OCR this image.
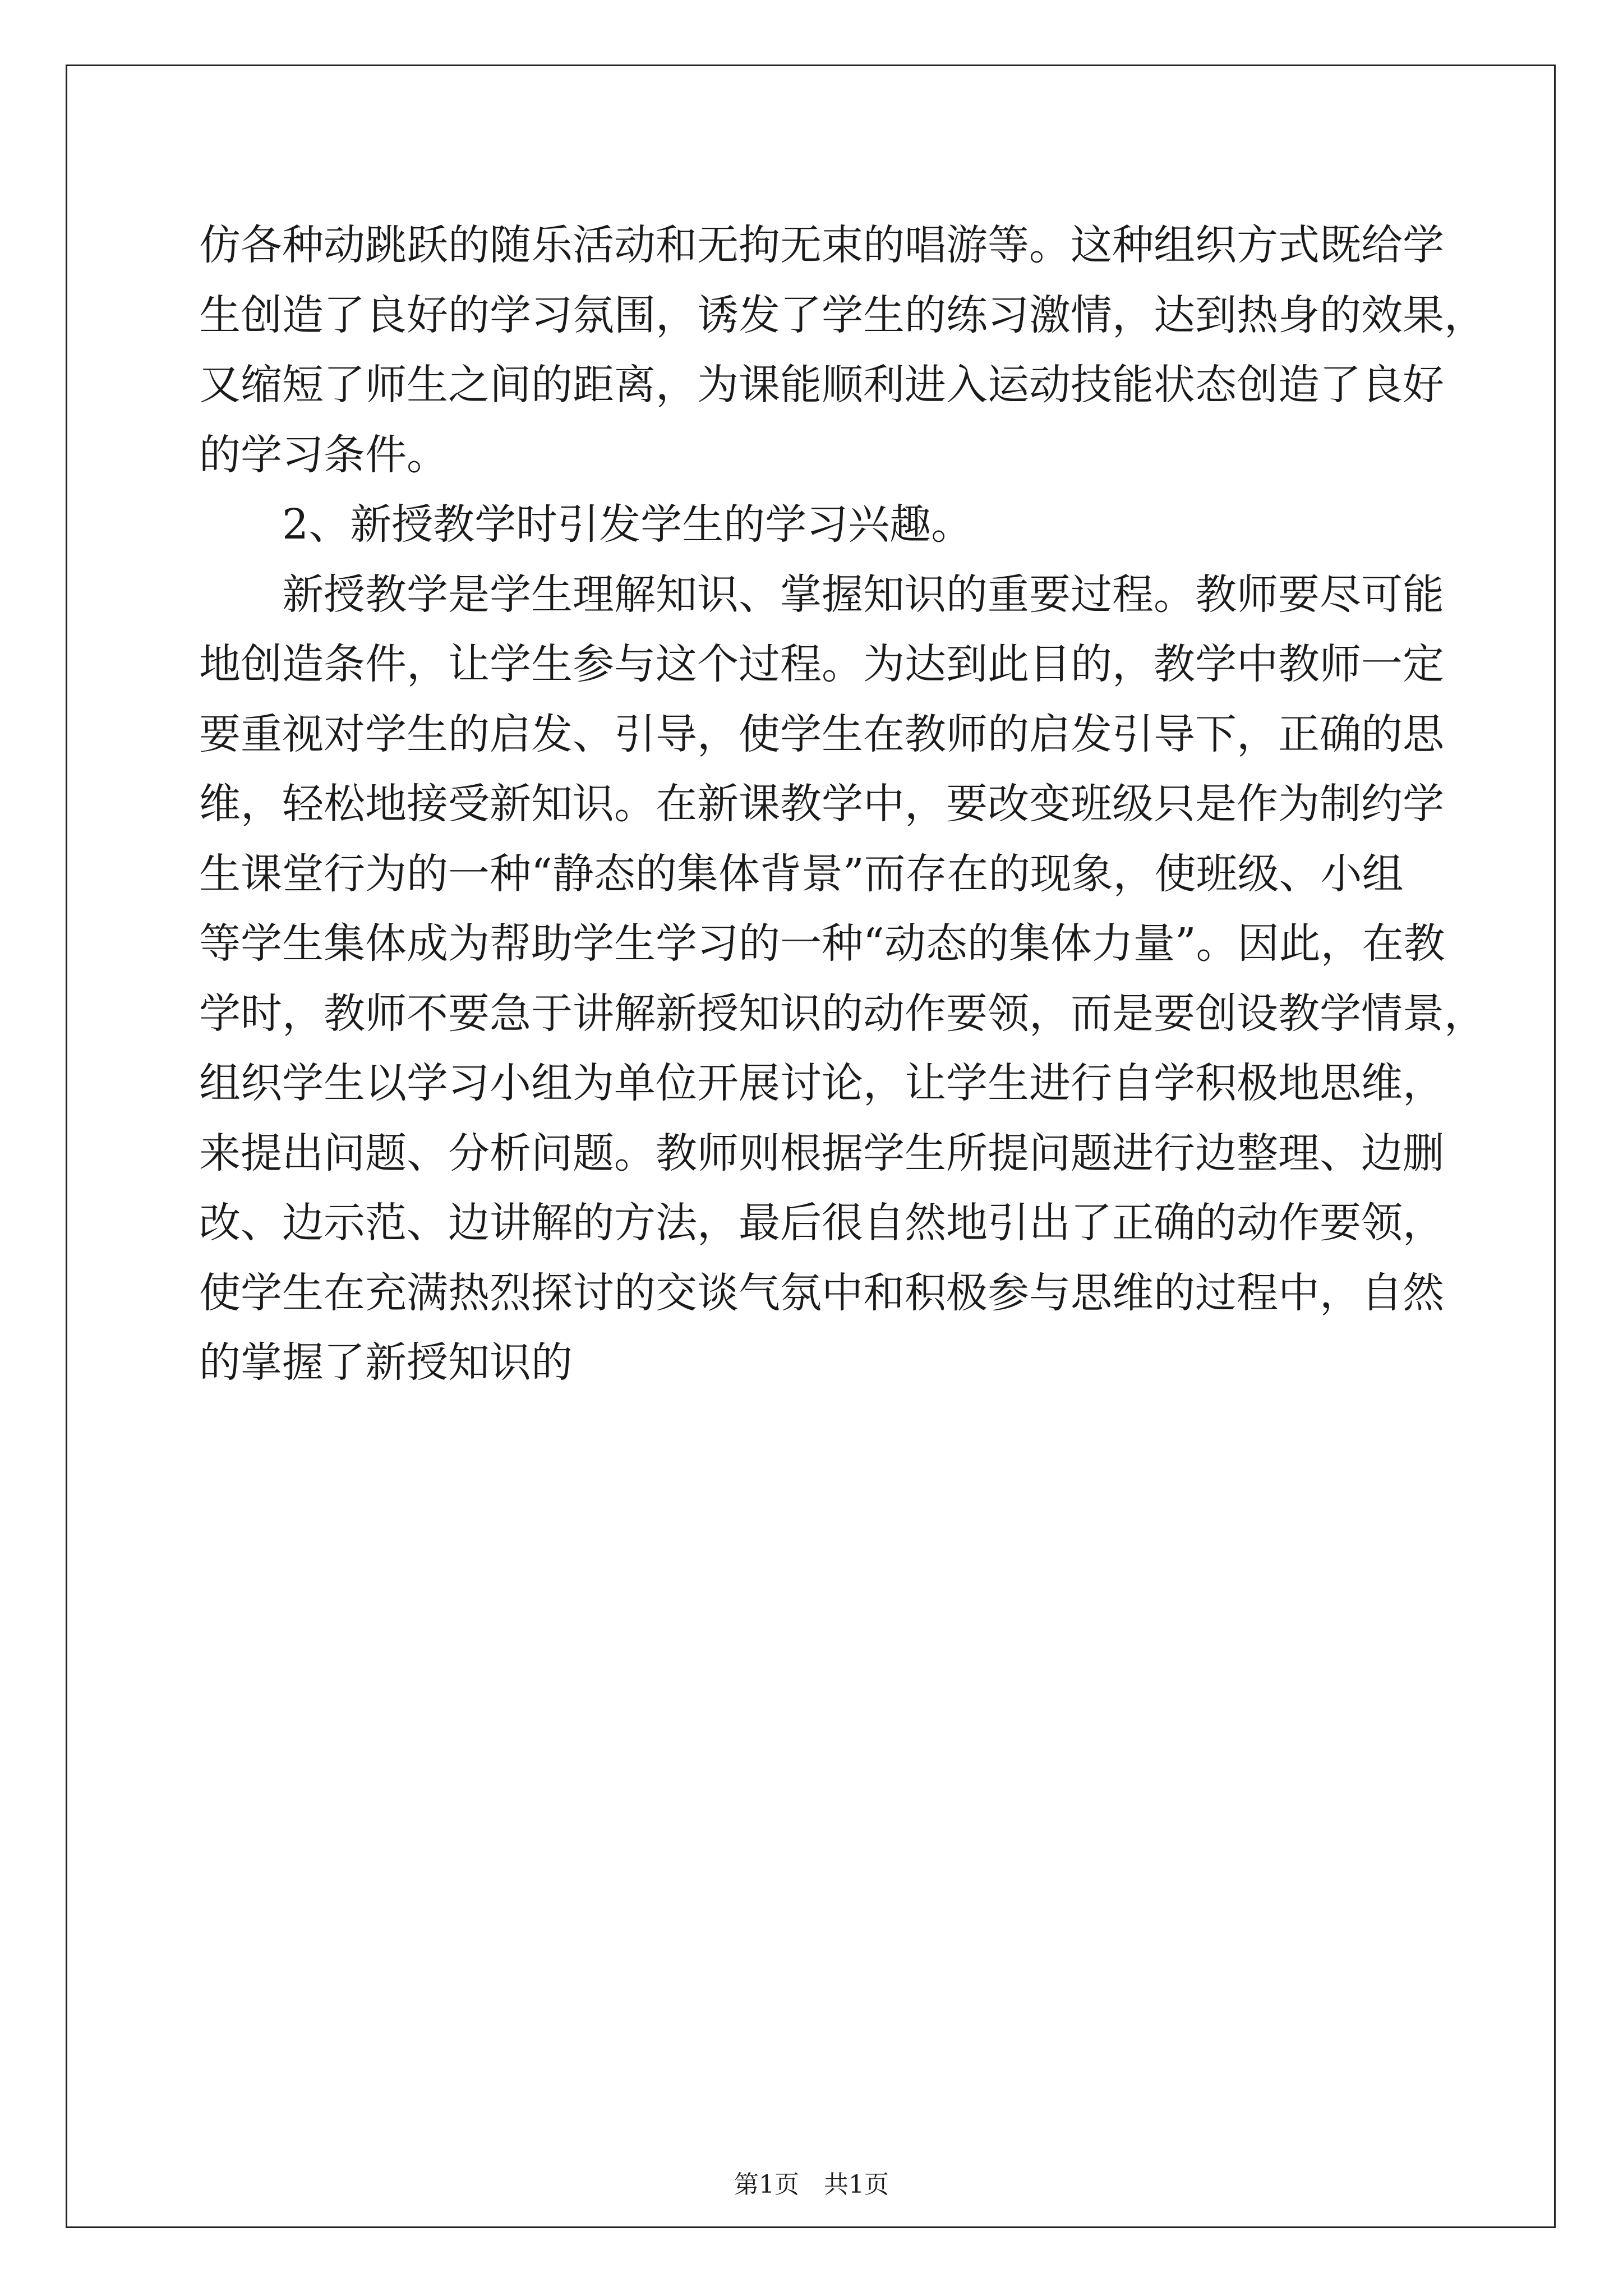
仿各种动跳跃的随乐活动和无拘无束的唱游等。这种组织方式既给学
生创造了良好的学习氛围，诱发了学生的练习激情，达到热身的效果，
又缩短了师生之间的距离，为课能顺利进入运动技能状态创造了良好
的学习条件。
2、新授教学时引发学生的学习兴趣。
新授教学是学生理解知识、掌握知识的重要过程。教师要尽可能
地创造条件，让学生参与这个过程。为达到此目的，教学中教师一定
要重视对学生的启发、引导，使学生在教师的启发引导下，正确的思
维，轻松地接受新知识。在新课教学中，要改变班级只是作为制约学
生课堂行为的一种“静态的集体背景”而存在的现象，使班级、小组
等学生集体成为帮助学生学习的一种“动态的集体力量”。因此，在教
学时，教师不要急于讲解新授知识的动作要领，而是要创设教学情景，
组织学生以学习小组为单位开展讨论，让学生进行自学积极地思维，
来提出问题、分析问题。教师则根据学生所提问题进行边整理、边删
改、边示范、边讲解的方法，最后很自然地引出了正确的动作要领，
使学生在充满热烈探讨的交谈气氛中和积极参与思维的过程中，自然
的掌握了新授知识的
第1页　共1页
